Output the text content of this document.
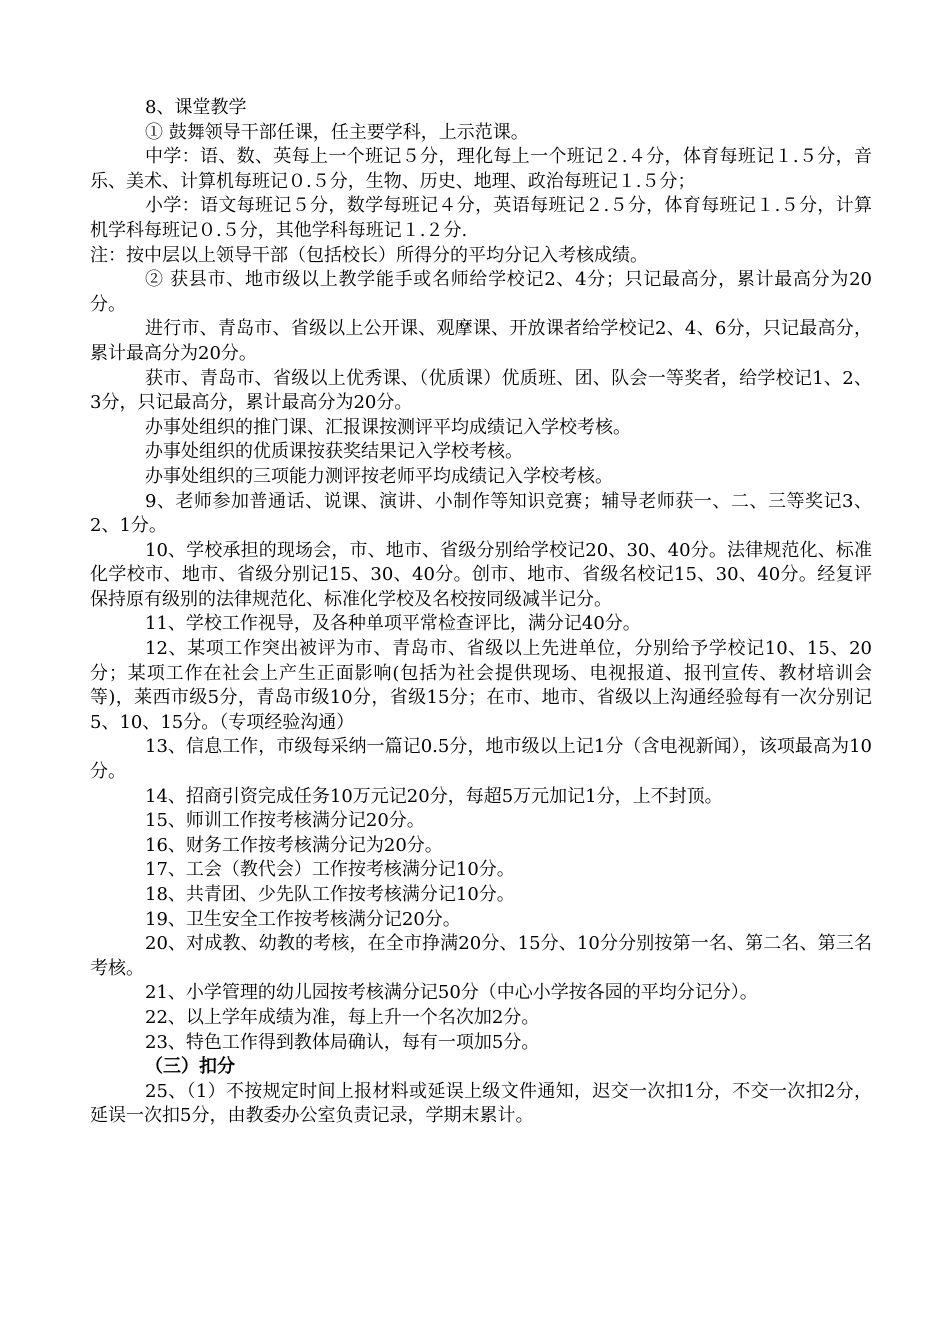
8、课堂教学

① 鼓舞领导干部任课，任主要学科，上示范课。

中学：语、数、英每上一个班记５分，理化每上一个班记２.４分，体育每班记１.５分，音乐、美术、计算机每班记０.５分，生物、历史、地理、政治每班记１.５分；

小学：语文每班记５分，数学每班记４分，英语每班记２.５分，体育每班记１.５分，计算机学科每班记０.５分，其他学科每班记１.２分.

注：按中层以上领导干部（包括校长）所得分的平均分记入考核成绩。

② 获县市、地市级以上教学能手或名师给学校记2、4分；只记最高分，累计最高分为20分。

进行市、青岛市、省级以上公开课、观摩课、开放课者给学校记2、4、6分，只记最高分，累计最高分为20分。

获市、青岛市、省级以上优秀课、（优质课）优质班、团、队会一等奖者，给学校记1、2、3分，只记最高分，累计最高分为20分。

办事处组织的推门课、汇报课按测评平均成绩记入学校考核。

办事处组织的优质课按获奖结果记入学校考核。

办事处组织的三项能力测评按老师平均成绩记入学校考核。

9、老师参加普通话、说课、演讲、小制作等知识竞赛；辅导老师获一、二、三等奖记3、2、1分。

10、学校承担的现场会，市、地市、省级分别给学校记20、30、40分。法律规范化、标准化学校市、地市、省级分别记15、30、40分。创市、地市、省级名校记15、30、40分。经复评保持原有级别的法律规范化、标准化学校及名校按同级减半记分。

11、学校工作视导，及各种单项平常检查评比，满分记40分。

12、某项工作突出被评为市、青岛市、省级以上先进单位，分别给予学校记10、15、20分；某项工作在社会上产生正面影响(包括为社会提供现场、电视报道、报刊宣传、教材培训会等)，莱西市级5分，青岛市级10分，省级15分；在市、地市、省级以上沟通经验每有一次分别记5、10、15分。（专项经验沟通）

13、信息工作，市级每采纳一篇记0.5分，地市级以上记1分（含电视新闻），该项最高为10分。

14、招商引资完成任务10万元记20分，每超5万元加记1分，上不封顶。

15、师训工作按考核满分记20分。

16、财务工作按考核满分记为20分。

17、工会（教代会）工作按考核满分记10分。

18、共青团、少先队工作按考核满分记10分。

19、卫生安全工作按考核满分记20分。

20、对成教、幼教的考核，在全市挣满20分、15分、10分分别按第一名、第二名、第三名考核。

21、小学管理的幼儿园按考核满分记50分（中心小学按各园的平均分记分）。

22、以上学年成绩为准，每上升一个名次加2分。

23、特色工作得到教体局确认，每有一项加5分。

（三）扣分

25、（1）不按规定时间上报材料或延误上级文件通知，迟交一次扣1分，不交一次扣2分，延误一次扣5分，由教委办公室负责记录，学期末累计。
